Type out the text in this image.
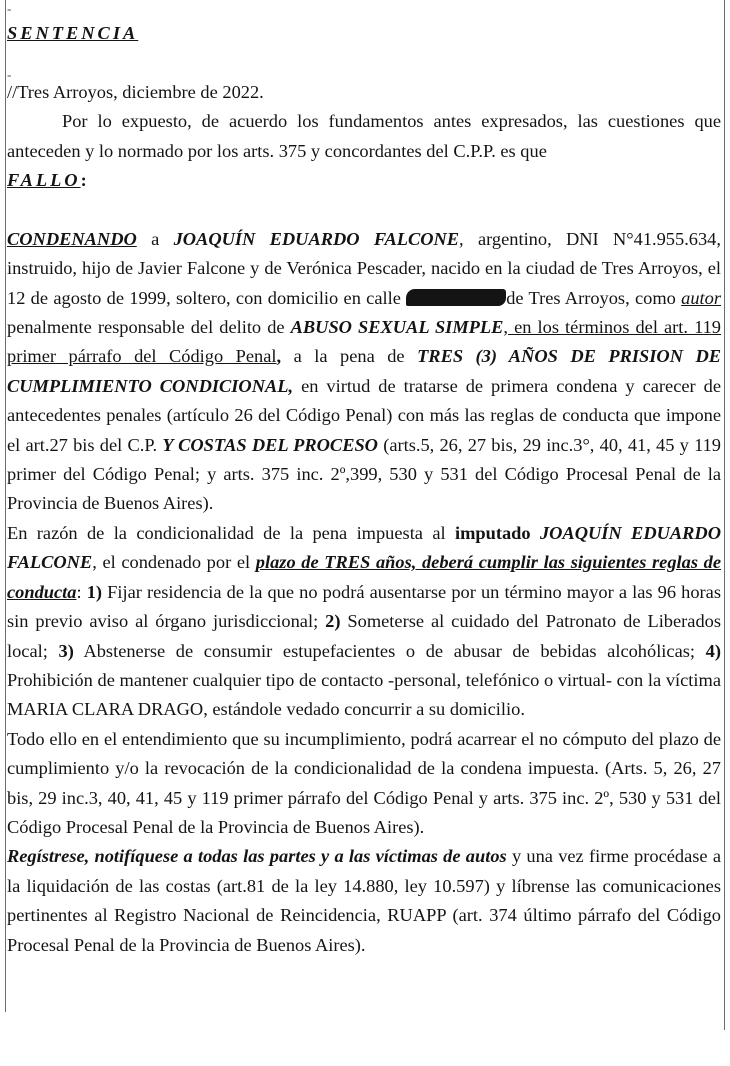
-
-

SENTENCIA

//Tres Arroyos, diciembre de 2022.

Por lo expuesto, de acuerdo los fundamentos antes expresados, las cuestiones que anteceden y lo normado por los arts. 375 y concordantes del C.P.P. es que

FALLO:

CONDENANDO a JOAQUÍN EDUARDO FALCONE, argentino, DNI N°41.955.634, instruido, hijo de Javier Falcone y de Verónica Pescader, nacido en la ciudad de Tres Arroyos, el 12 de agosto de 1999, soltero, con domicilio en calle	de Tres Arroyos, como autor penalmente responsable del delito de ABUSO SEXUAL SIMPLE, en los términos del art. 119 primer párrafo del Código Penal, a la pena de TRES (3) AÑOS DE PRISION DE CUMPLIMIENTO CONDICIONAL, en virtud de tratarse de primera condena y carecer de antecedentes penales (artículo 26 del Código Penal) con más las reglas de conducta que impone el art.27 bis del C.P. Y COSTAS DEL PROCESO (arts.5, 26, 27 bis, 29 inc.3°, 40, 41, 45 y 119 primer del Código Penal; y arts. 375 inc. 2º,399, 530 y 531 del Código Procesal Penal de la Provincia de Buenos Aires).

En razón de la condicionalidad de la pena impuesta al imputado JOAQUÍN EDUARDO FALCONE, el condenado por el plazo de TRES años, deberá cumplir las siguientes reglas de conducta: 1) Fijar residencia de la que no podrá ausentarse por un término mayor a las 96 horas sin previo aviso al órgano jurisdiccional; 2) Someterse al cuidado del Patronato de Liberados local; 3) Abstenerse de consumir estupefacientes o de abusar de bebidas alcohólicas; 4) Prohibición de mantener cualquier tipo de contacto -personal, telefónico o virtual- con la víctima MARIA CLARA DRAGO, estándole vedado concurrir a su domicilio.

Todo ello en el entendimiento que su incumplimiento, podrá acarrear el no cómputo del plazo de cumplimiento y/o la revocación de la condicionalidad de la condena impuesta. (Arts. 5, 26, 27 bis, 29 inc.3, 40, 41, 45 y 119 primer párrafo del Código Penal y arts. 375 inc. 2º, 530 y 531 del Código Procesal Penal de la Provincia de Buenos Aires).

Regístrese, notifíquese a todas las partes y a las víctimas de autos y una vez firme procédase a la liquidación de las costas (art.81 de la ley 14.880, ley 10.597) y líbrense las comunicaciones pertinentes al Registro Nacional de Reincidencia, RUAPP (art. 374 último párrafo del Código Procesal Penal de la Provincia de Buenos Aires).
